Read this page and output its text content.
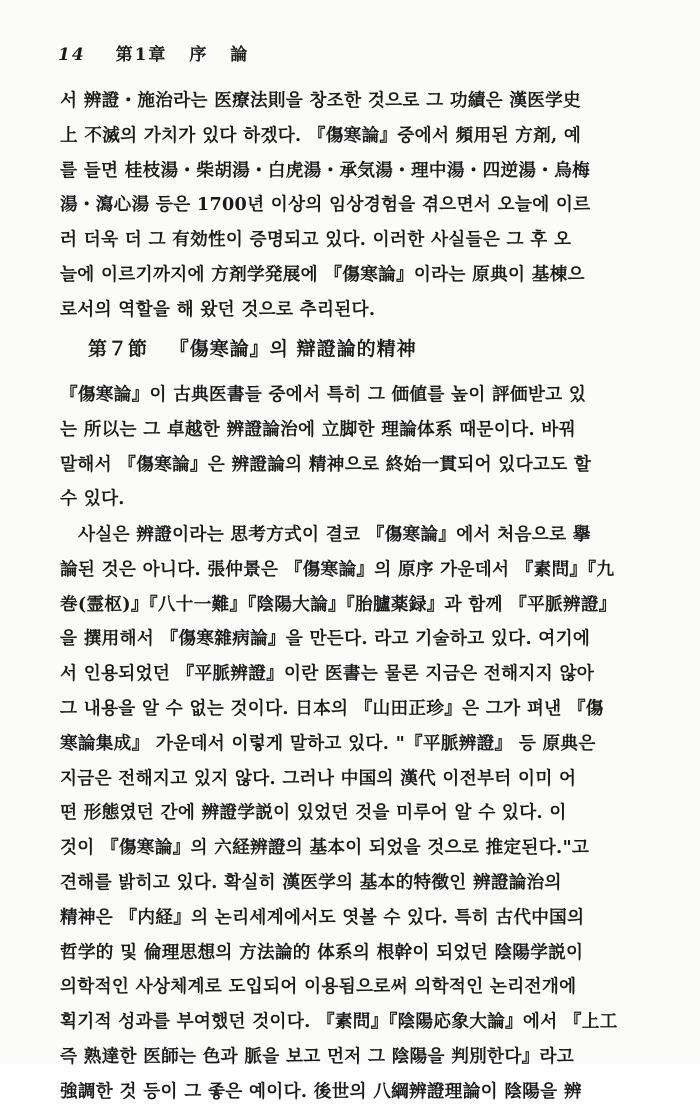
14 第1章 序 論
서 辨證・施治라는 医療法則을 창조한 것으로 그 功績은 漢医学史
上 不滅의 가치가 있다 하겠다. 『傷寒論』중에서 頻用된 方剤, 예
를 들면 桂枝湯・柴胡湯・白虎湯・承気湯・理中湯・四逆湯・烏梅
湯・瀉心湯 등은 1700년 이상의 임상경험을 겪으면서 오늘에 이르
러 더욱 더 그 有効性이 증명되고 있다. 이러한 사실들은 그 후 오
늘에 이르기까지에 方剤学発展에 『傷寒論』이라는 原典이 基棟으
로서의 역할을 해 왔던 것으로 추리된다.
第７節 『傷寒論』의 辯證論的精神
『傷寒論』이 古典医書들 중에서 특히 그 価値를 높이 評価받고 있
는 所以는 그 卓越한 辨證論治에 立脚한 理論体系 때문이다. 바꿔
말해서 『傷寒論』은 辨證論의 精神으로 終始一貫되어 있다고도 할
수 있다.
사실은 辨證이라는 思考方式이 결코 『傷寒論』에서 처음으로 擧
論된 것은 아니다. 張仲景은 『傷寒論』의 原序 가운데서 『素問』『九
巻(霊枢)』『八十一難』『陰陽大論』『胎臚薬録』과 함께 『平脈辨證』
을 撰用해서 『傷寒雜病論』을 만든다. 라고 기술하고 있다. 여기에
서 인용되었던 『平脈辨證』이란 医書는 물론 지금은 전해지지 않아
그 내용을 알 수 없는 것이다. 日本의 『山田正珍』은 그가 펴낸 『傷
寒論集成』 가운데서 이렇게 말하고 있다. "『平脈辨證』 등 原典은
지금은 전해지고 있지 않다. 그러나 中国의 漢代 이전부터 이미 어
떤 形態였던 간에 辨證学説이 있었던 것을 미루어 알 수 있다. 이
것이 『傷寒論』의 六経辨證의 基本이 되었을 것으로 推定된다."고
견해를 밝히고 있다. 확실히 漢医学의 基本的特徴인 辨證論治의
精神은 『内経』의 논리세계에서도 엿볼 수 있다. 특히 古代中国의
哲学的 및 倫理思想의 方法論的 体系의 根幹이 되었던 陰陽学説이
의학적인 사상체계로 도입되어 이용됨으로써 의학적인 논리전개에
획기적 성과를 부여했던 것이다. 『素問』『陰陽応象大論』에서 『上工
즉 熟達한 医師는 色과 脈을 보고 먼저 그 陰陽을 判別한다』라고
強調한 것 등이 그 좋은 예이다. 後世의 八綱辨證理論이 陰陽을 辨
